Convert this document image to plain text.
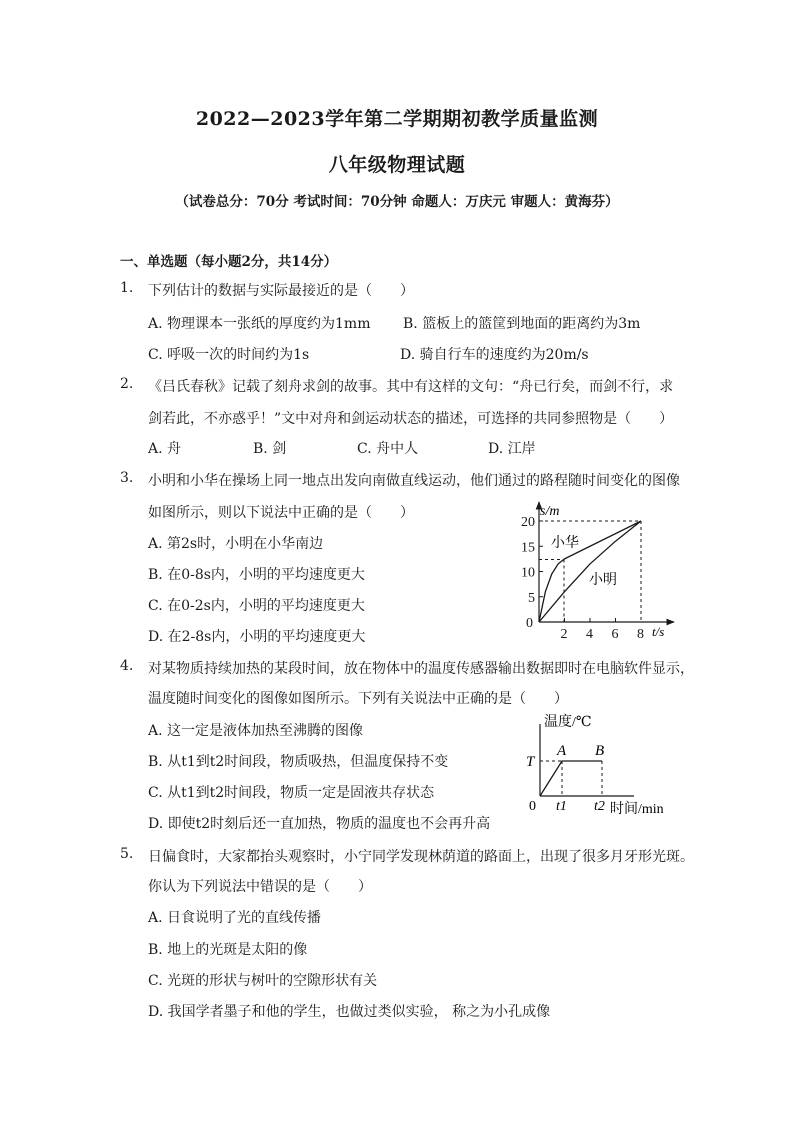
2022—2023学年第二学期期初教学质量监测
八年级物理试题
（试卷总分：70分 考试时间：70分钟 命题人：万庆元 审题人：黄海芬）
一、单选题（每小题2分，共14分）
1. 下列估计的数据与实际最接近的是（　　）
A. 物理课本一张纸的厚度约为1mm B. 篮板上的篮筐到地面的距离约为3m
C. 呼吸一次的时间约为1s	D. 骑自行车的速度约为20m/s
2. 《吕氏春秋》记载了刻舟求剑的故事。其中有这样的文句：“舟已行矣，而剑不行，求
剑若此，不亦惑乎！”文中对舟和剑运动状态的描述，可选择的共同参照物是（　　）
A. 舟	B. 剑	C. 舟中人	D. 江岸
3. 小明和小华在操场上同一地点出发向南做直线运动，他们通过的路程随时间变化的图像
如图所示，则以下说法中正确的是（　　）
A. 第2s时，小明在小华南边
B. 在0-8s内，小明的平均速度更大
C. 在0-2s内，小明的平均速度更大
D. 在2-8s内，小明的平均速度更大
0
2 4 6 8
5
10
15
20
s/m
t/s
小华
小明
4. 对某物质持续加热的某段时间，放在物体中的温度传感器输出数据即时在电脑软件显示，
温度随时间变化的图像如图所示。下列有关说法中正确的是（　　）
A. 这一定是液体加热至沸腾的图像
B. 从t1到t2时间段，物质吸热，但温度保持不变
C. 从t1到t2时间段，物质一定是固液共存状态
D. 即使t2时刻后还一直加热，物质的温度也不会再升高
温度/℃
时间/min
0
T
A B
t1 t2
5. 日偏食时，大家都抬头观察时，小宁同学发现林荫道的路面上，出现了很多月牙形光斑。
你认为下列说法中错误的是（　　）
A. 日食说明了光的直线传播
B. 地上的光斑是太阳的像
C. 光斑的形状与树叶的空隙形状有关
D. 我国学者墨子和他的学生，也做过类似实验， 称之为小孔成像
